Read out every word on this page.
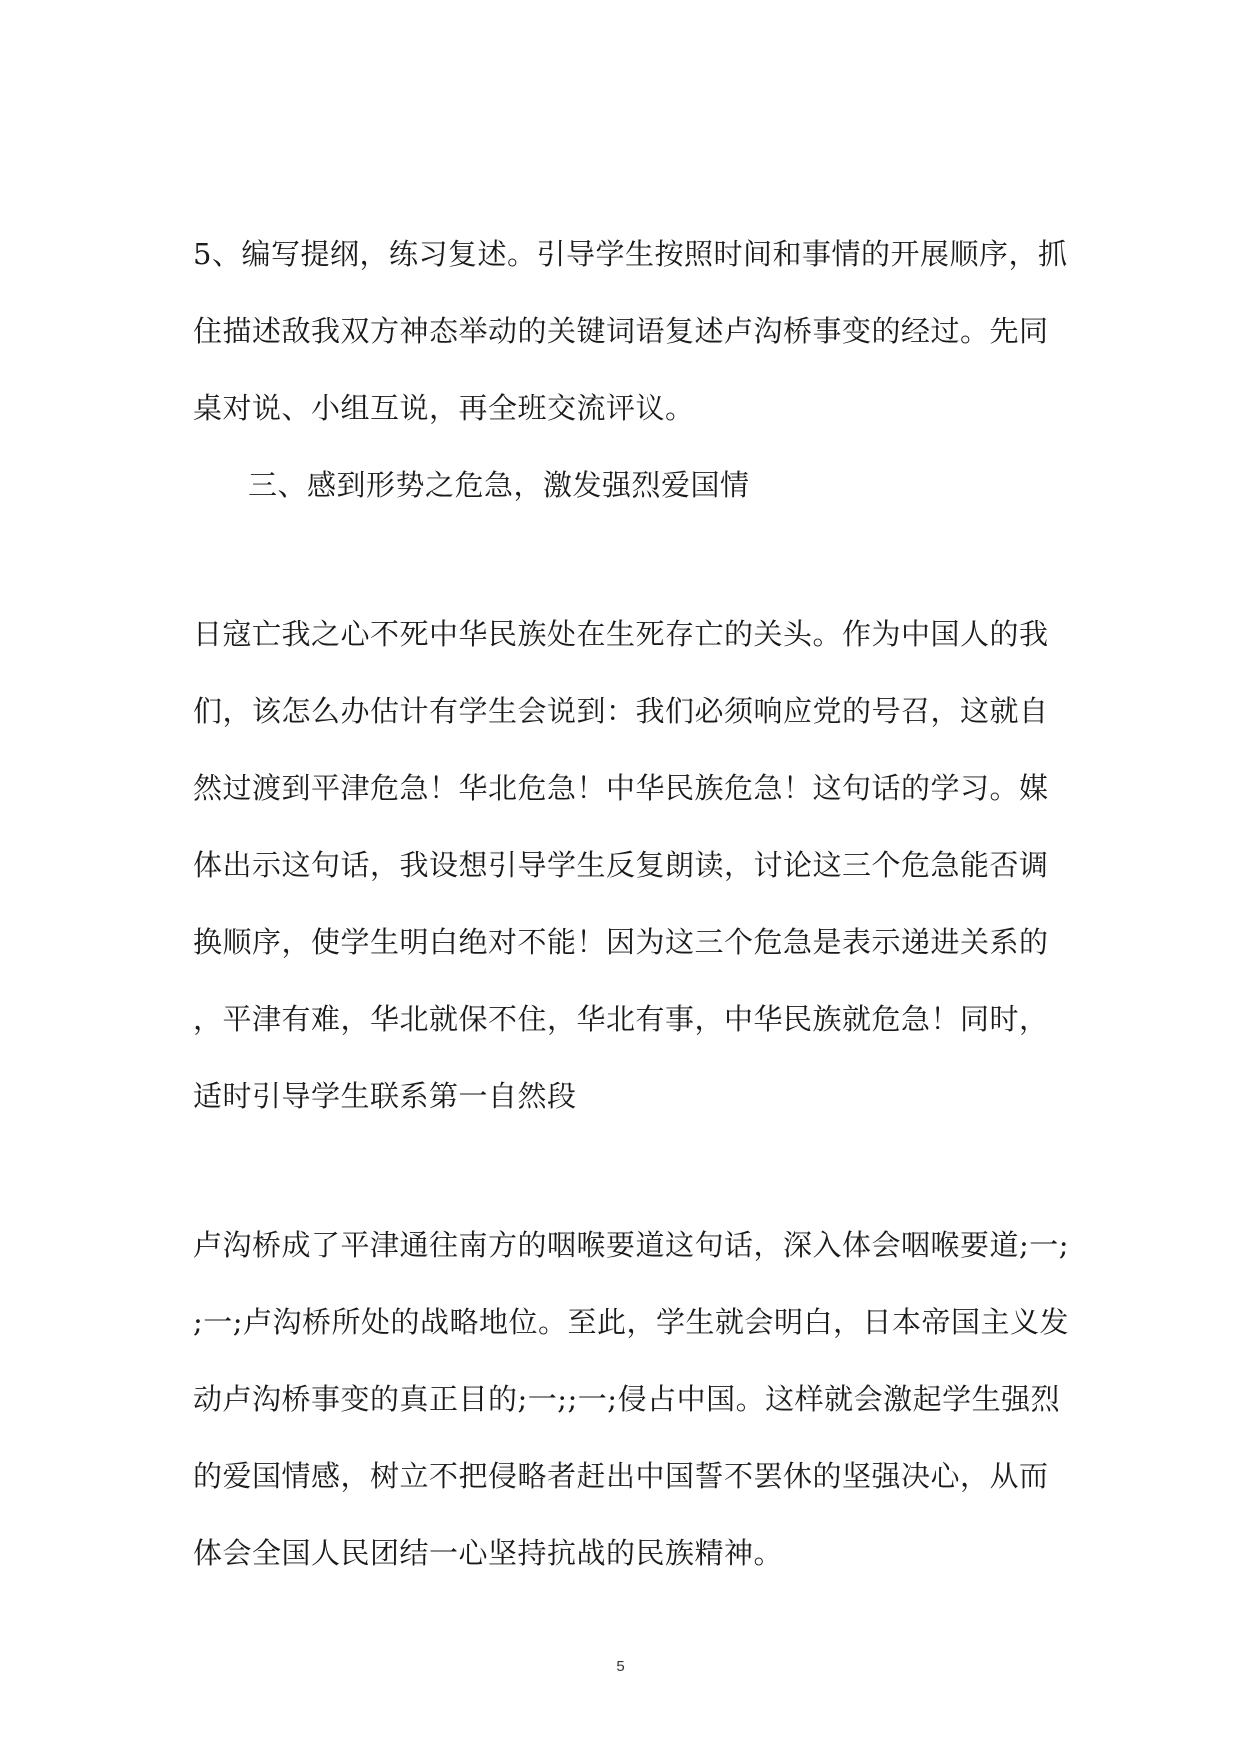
5、编写提纲，练习复述。引导学生按照时间和事情的开展顺序，抓
住描述敌我双方神态举动的关键词语复述卢沟桥事变的经过。先同
桌对说、小组互说，再全班交流评议。
三、感到形势之危急，激发强烈爱国情
日寇亡我之心不死中华民族处在生死存亡的关头。作为中国人的我
们，该怎么办估计有学生会说到：我们必须响应党的号召，这就自
然过渡到平津危急！华北危急！中华民族危急！这句话的学习。媒
体出示这句话，我设想引导学生反复朗读，讨论这三个危急能否调
换顺序，使学生明白绝对不能！因为这三个危急是表示递进关系的
，平津有难，华北就保不住，华北有事，中华民族就危急！同时，
适时引导学生联系第一自然段
卢沟桥成了平津通往南方的咽喉要道这句话，深入体会咽喉要道;一;
;一;卢沟桥所处的战略地位。至此，学生就会明白，日本帝国主义发
动卢沟桥事变的真正目的;一;;一;侵占中国。这样就会激起学生强烈
的爱国情感，树立不把侵略者赶出中国誓不罢休的坚强决心，从而
体会全国人民团结一心坚持抗战的民族精神。
5
